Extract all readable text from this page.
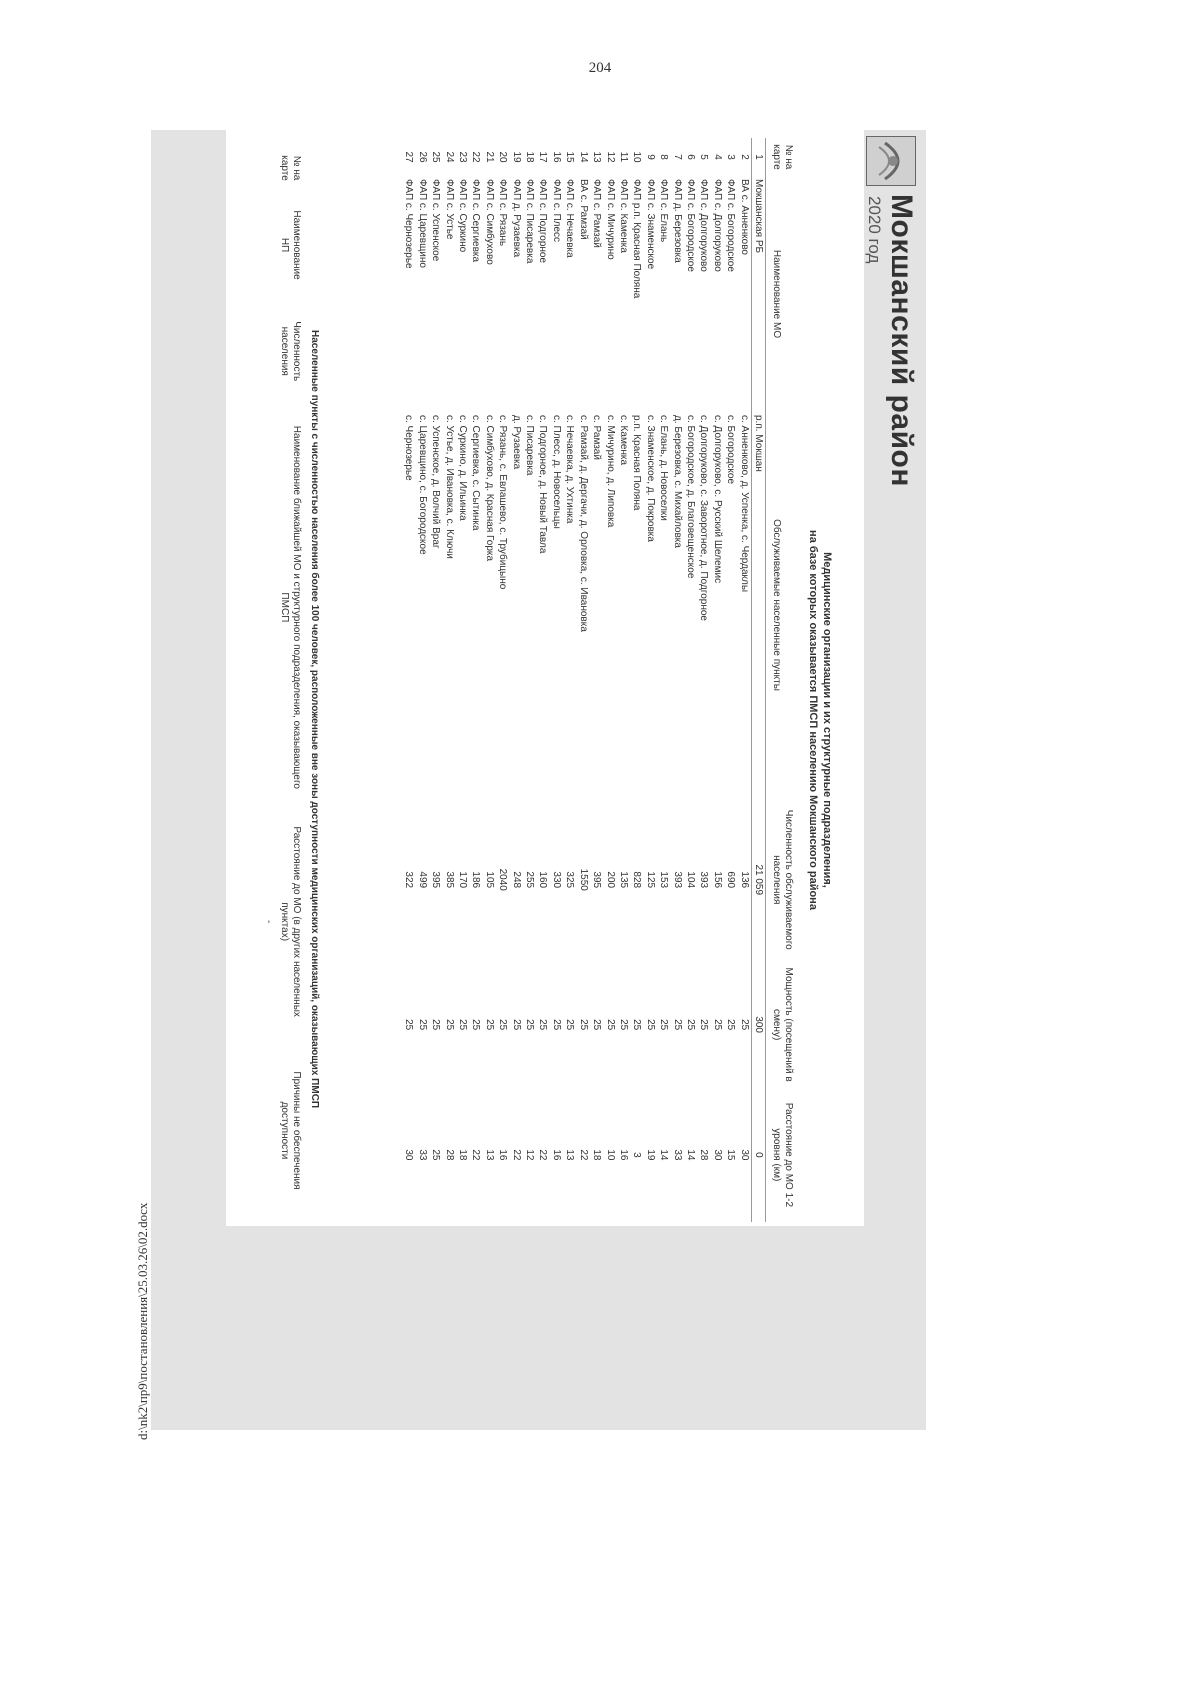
204
d:\nk2\пр9\постановления\25.03.26\02.docx
Мокшанский район
2020 год
Медицинские организации и их структурные подразделения,
на базе которых оказывается ПМСП населению Мокшанского района
№ на карте	Наименование МО	Обслуживаемые населенные пункты	Численность обслуживаемого населения	Мощность (посещений в смену)	Расстояние до МО 1-2 уровня (км)
1	Мокшанская РБ	р.п. Мокшан	21 059	300	0
2	ВА с. Анненково	с. Анненково, д. Успенка, с. Чердаклы	136	25	30
3	ФАП с. Богородское	с. Богородское	690	25	15
4	ФАП с. Долгоруково	с. Долгоруково, с. Русский Шелемис	156	25	30
5	ФАП с. Долгоруково	с. Долгоруково, с. Заворотное, д. Подгорное	393	25	28
6	ФАП с. Богородское	с. Богородское, д. Благовещенское	104	25	14
7	ФАП д. Березовка	д. Березовка, с. Михайловка	393	25	33
8	ФАП с. Елань	с. Елань, д. Новоселки	153	25	14
9	ФАП с. Знаменское	с. Знаменское, д. Покровка	125	25	19
10	ФАП р.п. Красная Поляна	р.п. Красная Поляна	828	25	3
11	ФАП с. Каменка	с. Каменка	135	25	16
12	ФАП с. Мичурино	с. Мичурино, д. Липовка	200	25	10
13	ФАП с. Рамзай	с. Рамзай	395	25	18
14	ВА с. Рамзай	с. Рамзай, д. Дергачи, д. Орловка, с. Ивановка	1550	25	22
15	ФАП с. Нечаевка	с. Нечаевка, д. Ухтинка	325	25	13
16	ФАП с. Плесс	с. Плесс, д. Новосельцы	330	25	16
17	ФАП с. Подгорное	с. Подгорное, д. Новый Тавла	160	25	22
18	ФАП с. Писаревка	с. Писаревка	255	25	12
19	ФАП д. Рузаевка	д. Рузаевка	248	25	22
20	ФАП с. Рязань	с. Рязань, с. Евлашево, с. Трубицыно	2040	25	16
21	ФАП с. Симбухово	с. Симбухово, д. Красная Горка	105	25	13
22	ФАП с. Сергиевка	с. Сергиевка, с. Сытинка	186	25	22
23	ФАП с. Суркино	с. Суркино, д. Ильинка	170	25	18
24	ФАП с. Устье	с. Устье, д. Ивановка, с. Ключи	385	25	28
25	ФАП с. Успенское	с. Успенское, д. Волчий Враг	395	25	25
26	ФАП с. Царевщино	с. Царевщино, с. Богородское	499	25	33
27	ФАП с. Чернозерье	с. Чернозерье	322	25	30
Населенные пункты с численностью населения более 100 человек, расположенные вне зоны доступности медицинских организаций, оказывающих ПМСП
№ на карте	Наименование НП	Численность населения	Наименование ближайшей МО и структурного подразделения, оказывающего ПМСП	Расстояние до МО (в других населенных пунктах)	Причины не обеспечения доступности
				-	
